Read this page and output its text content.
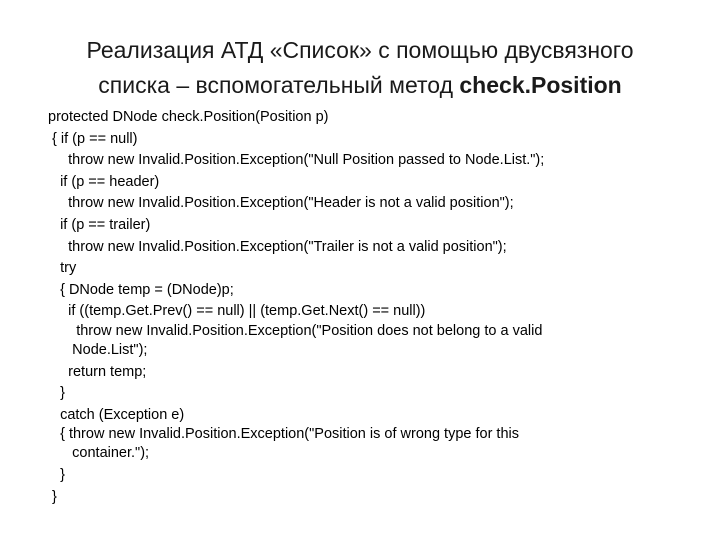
Реализация АТД «Список» с помощью двусвязного
списка – вспомогательный метод check.Position
protected DNode check.Position(Position p)
{ if (p == null)
throw new Invalid.Position.Exception("Null Position passed to Node.List.");
if (p == header)
throw new Invalid.Position.Exception("Header is not a valid position");
if (p == trailer)
throw new Invalid.Position.Exception("Trailer is not a valid position");
try
{ DNode temp = (DNode)p;
if ((temp.Get.Prev() == null) || (temp.Get.Next() == null))
throw new Invalid.Position.Exception("Position does not belong to a valid
Node.List");
return temp;
}
catch (Exception e)
{ throw new Invalid.Position.Exception("Position is of wrong type for this
container.");
}
}
